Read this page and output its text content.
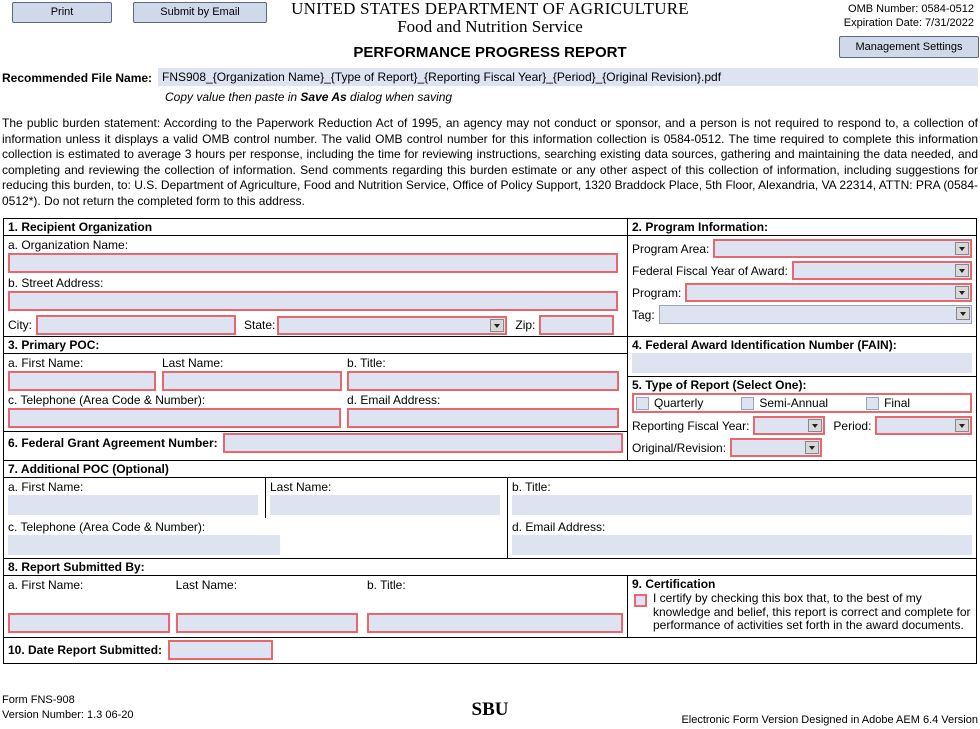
Print	Submit by Email	UNITED STATES DEPARTMENT OF AGRICULTURE
Food and Nutrition Service
PERFORMANCE PROGRESS REPORT
OMB Number: 0584-0512
Expiration Date: 7/31/2022
Management Settings
Recommended File Name: FNS908_{Organization Name}_{Type of Report}_{Reporting Fiscal Year}_{Period}_{Original Revision}.pdf
Copy value then paste in Save As dialog when saving
The public burden statement: According to the Paperwork Reduction Act of 1995, an agency may not conduct or sponsor, and a person is not required to respond to, a collection of information unless it displays a valid OMB control number. The valid OMB control number for this information collection is 0584-0512. The time required to complete this information collection is estimated to average 3 hours per response, including the time for reviewing instructions, searching existing data sources, gathering and maintaining the data needed, and completing and reviewing the collection of information. Send comments regarding this burden estimate or any other aspect of this collection of information, including suggestions for reducing this burden, to: U.S. Department of Agriculture, Food and Nutrition Service, Office of Policy Support, 1320 Braddock Place, 5th Floor, Alexandria, VA 22314, ATTN: PRA (0584-0512*). Do not return the completed form to this address.
1. Recipient Organization
a. Organization Name:
b. Street Address:
City:	State:	Zip:
2. Program Information:
Program Area:
Federal Fiscal Year of Award:
Program:
Tag:
3. Primary POC:
a. First Name:	Last Name:	b. Title:
c. Telephone (Area Code & Number):	d. Email Address:
6. Federal Grant Agreement Number:
4. Federal Award Identification Number (FAIN):
5. Type of Report (Select One):
Quarterly	Semi-Annual	Final
Reporting Fiscal Year:	Period:
Original/Revision:
7. Additional POC (Optional)
a. First Name:	Last Name:	b. Title:
c. Telephone (Area Code & Number):	d. Email Address:
8. Report Submitted By:
a. First Name:	Last Name:	b. Title:	9. Certification
I certify by checking this box that, to the best of my knowledge and belief, this report is correct and complete for performance of activities set forth in the award documents.
10. Date Report Submitted:
Form FNS-908
Version Number: 1.3 06-20	SBU	Electronic Form Version Designed in Adobe AEM 6.4 Version
